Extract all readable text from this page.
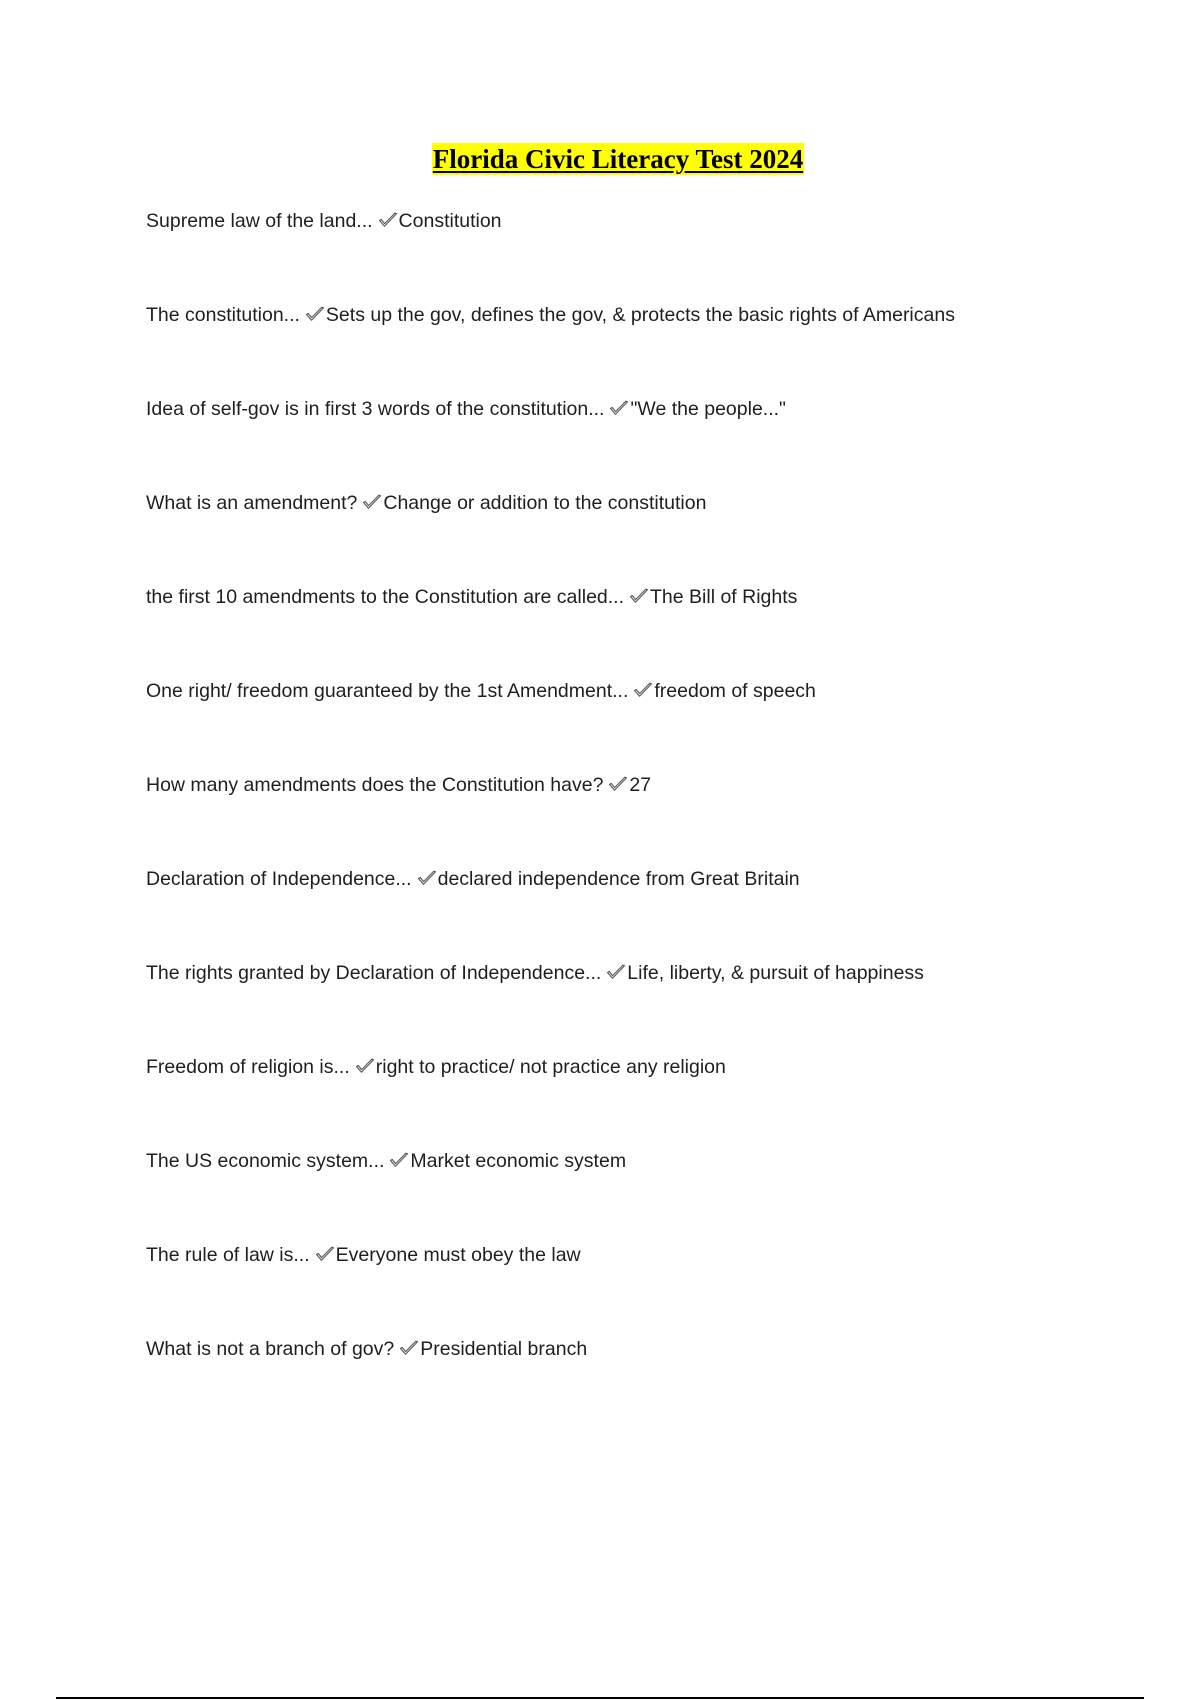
Florida Civic Literacy Test 2024
Supreme law of the land... Constitution
The constitution... Sets up the gov, defines the gov, & protects the basic rights of Americans
Idea of self-gov is in first 3 words of the constitution... "We the people..."
What is an amendment? Change or addition to the constitution
the first 10 amendments to the Constitution are called... The Bill of Rights
One right/ freedom guaranteed by the 1st Amendment... freedom of speech
How many amendments does the Constitution have? 27
Declaration of Independence... declared independence from Great Britain
The rights granted by Declaration of Independence... Life, liberty, & pursuit of happiness
Freedom of religion is... right to practice/ not practice any religion
The US economic system... Market economic system
The rule of law is... Everyone must obey the law
What is not a branch of gov? Presidential branch
